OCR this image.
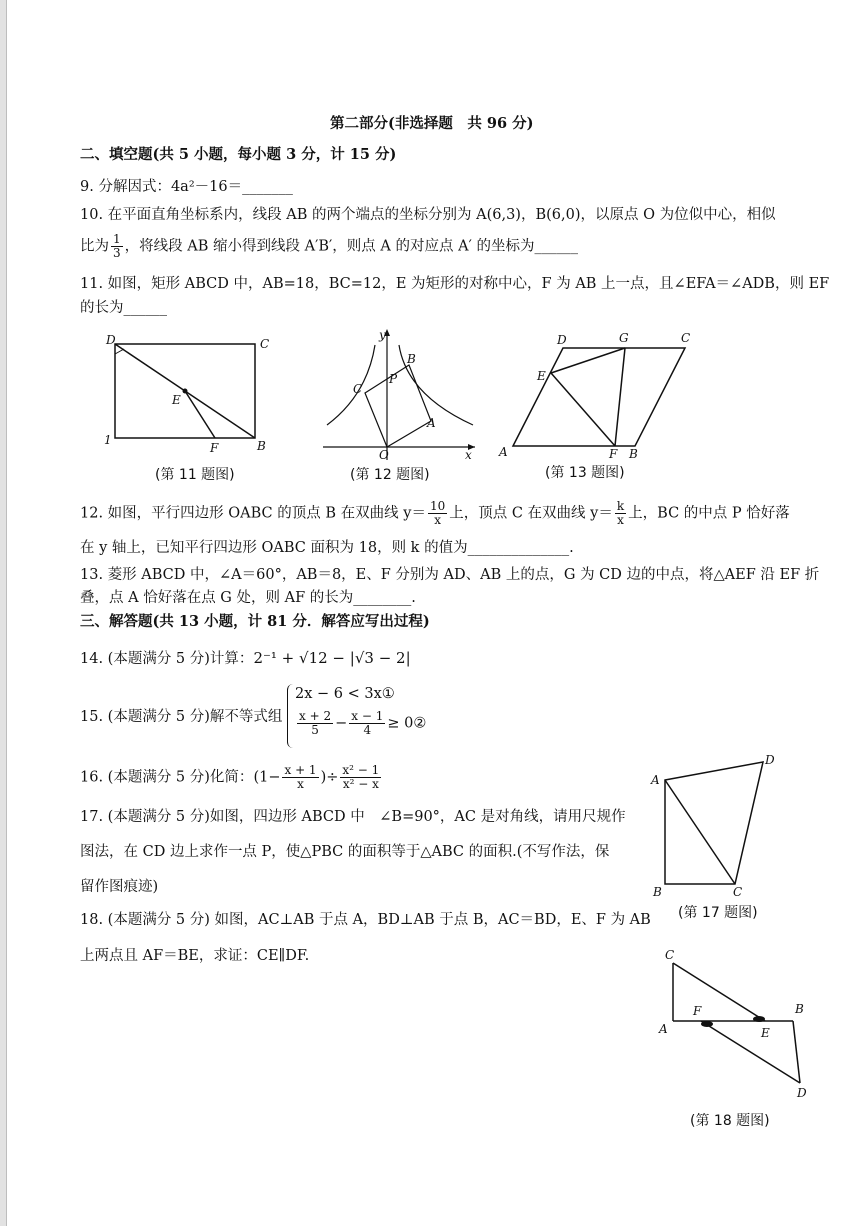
第二部分(非选择题　共 96 分)
二、填空题(共 5 小题，每小题 3 分，计 15 分)
9. 分解因式：4a²－16＝_______
10. 在平面直角坐标系内，线段 AB 的两个端点的坐标分别为 A(6,3)，B(6,0)，以原点 O 为位似中心，相似
比为 $\frac{1}{3}$ ，将线段 AB 缩小得到线段 A′B′，则点 A 的对应点 A′ 的坐标为______
11. 如图，矩形 ABCD 中，AB=18，BC=12，E 为矩形的对称中心，F 为 AB 上一点，且∠EFA＝∠ADB，则 EF
的长为______
D	C
E
1
F	B
(第 11 题图)
y
B
C
P
A
O	x
(第 12 题图)
D	G	C
E
A	F B
(第 13 题图)
12. 如图，平行四边形 OABC 的顶点 B 在双曲线 $y= \frac{10}{x}$ 上，顶点 C 在双曲线 $y= \frac{k}{x}$ 上，BC 的中点 P 恰好落
在 y 轴上，已知平行四边形 OABC 面积为 18，则 k 的值为______________.
13. 菱形 ABCD 中，∠A＝60°，AB＝8，E、F 分别为 AD、AB 上的点，G 为 CD 边的中点，将△AEF 沿 EF 折
叠，点 A 恰好落在点 G 处，则 AF 的长为________.
三、解答题(共 13 小题，计 81 分．解答应写出过程)
14. (本题满分 5 分)计算：2⁻¹ + √12 − |√3 − 2|
15. (本题满分 5 分)解不等式组
2x − 6 < 3x①
$\frac{x + 2}{5} - \frac{x - 1}{4}$ ≥ 0②
16. (本题满分 5 分)化简：($1- \frac{x + 1}{x}$ )÷ $\frac{\text{x² − 1}}{\text{x² − x}}$
17. (本题满分 5 分)如图，四边形 ABCD 中　∠B=90°，AC 是对角线，请用尺规作
图法，在 CD 边上求作一点 P，使△PBC 的面积等于△ABC 的面积.(不写作法，保
留作图痕迹)
A
D
B	C
(第 17 题图)
18. (本题满分 5 分) 如图，AC⊥AB 于点 A，BD⊥AB 于点 B，AC＝BD，E、F 为 AB
上两点且 AF＝BE，求证：CE∥DF.	C
F	B
A	E
D
(第 18 题图)
